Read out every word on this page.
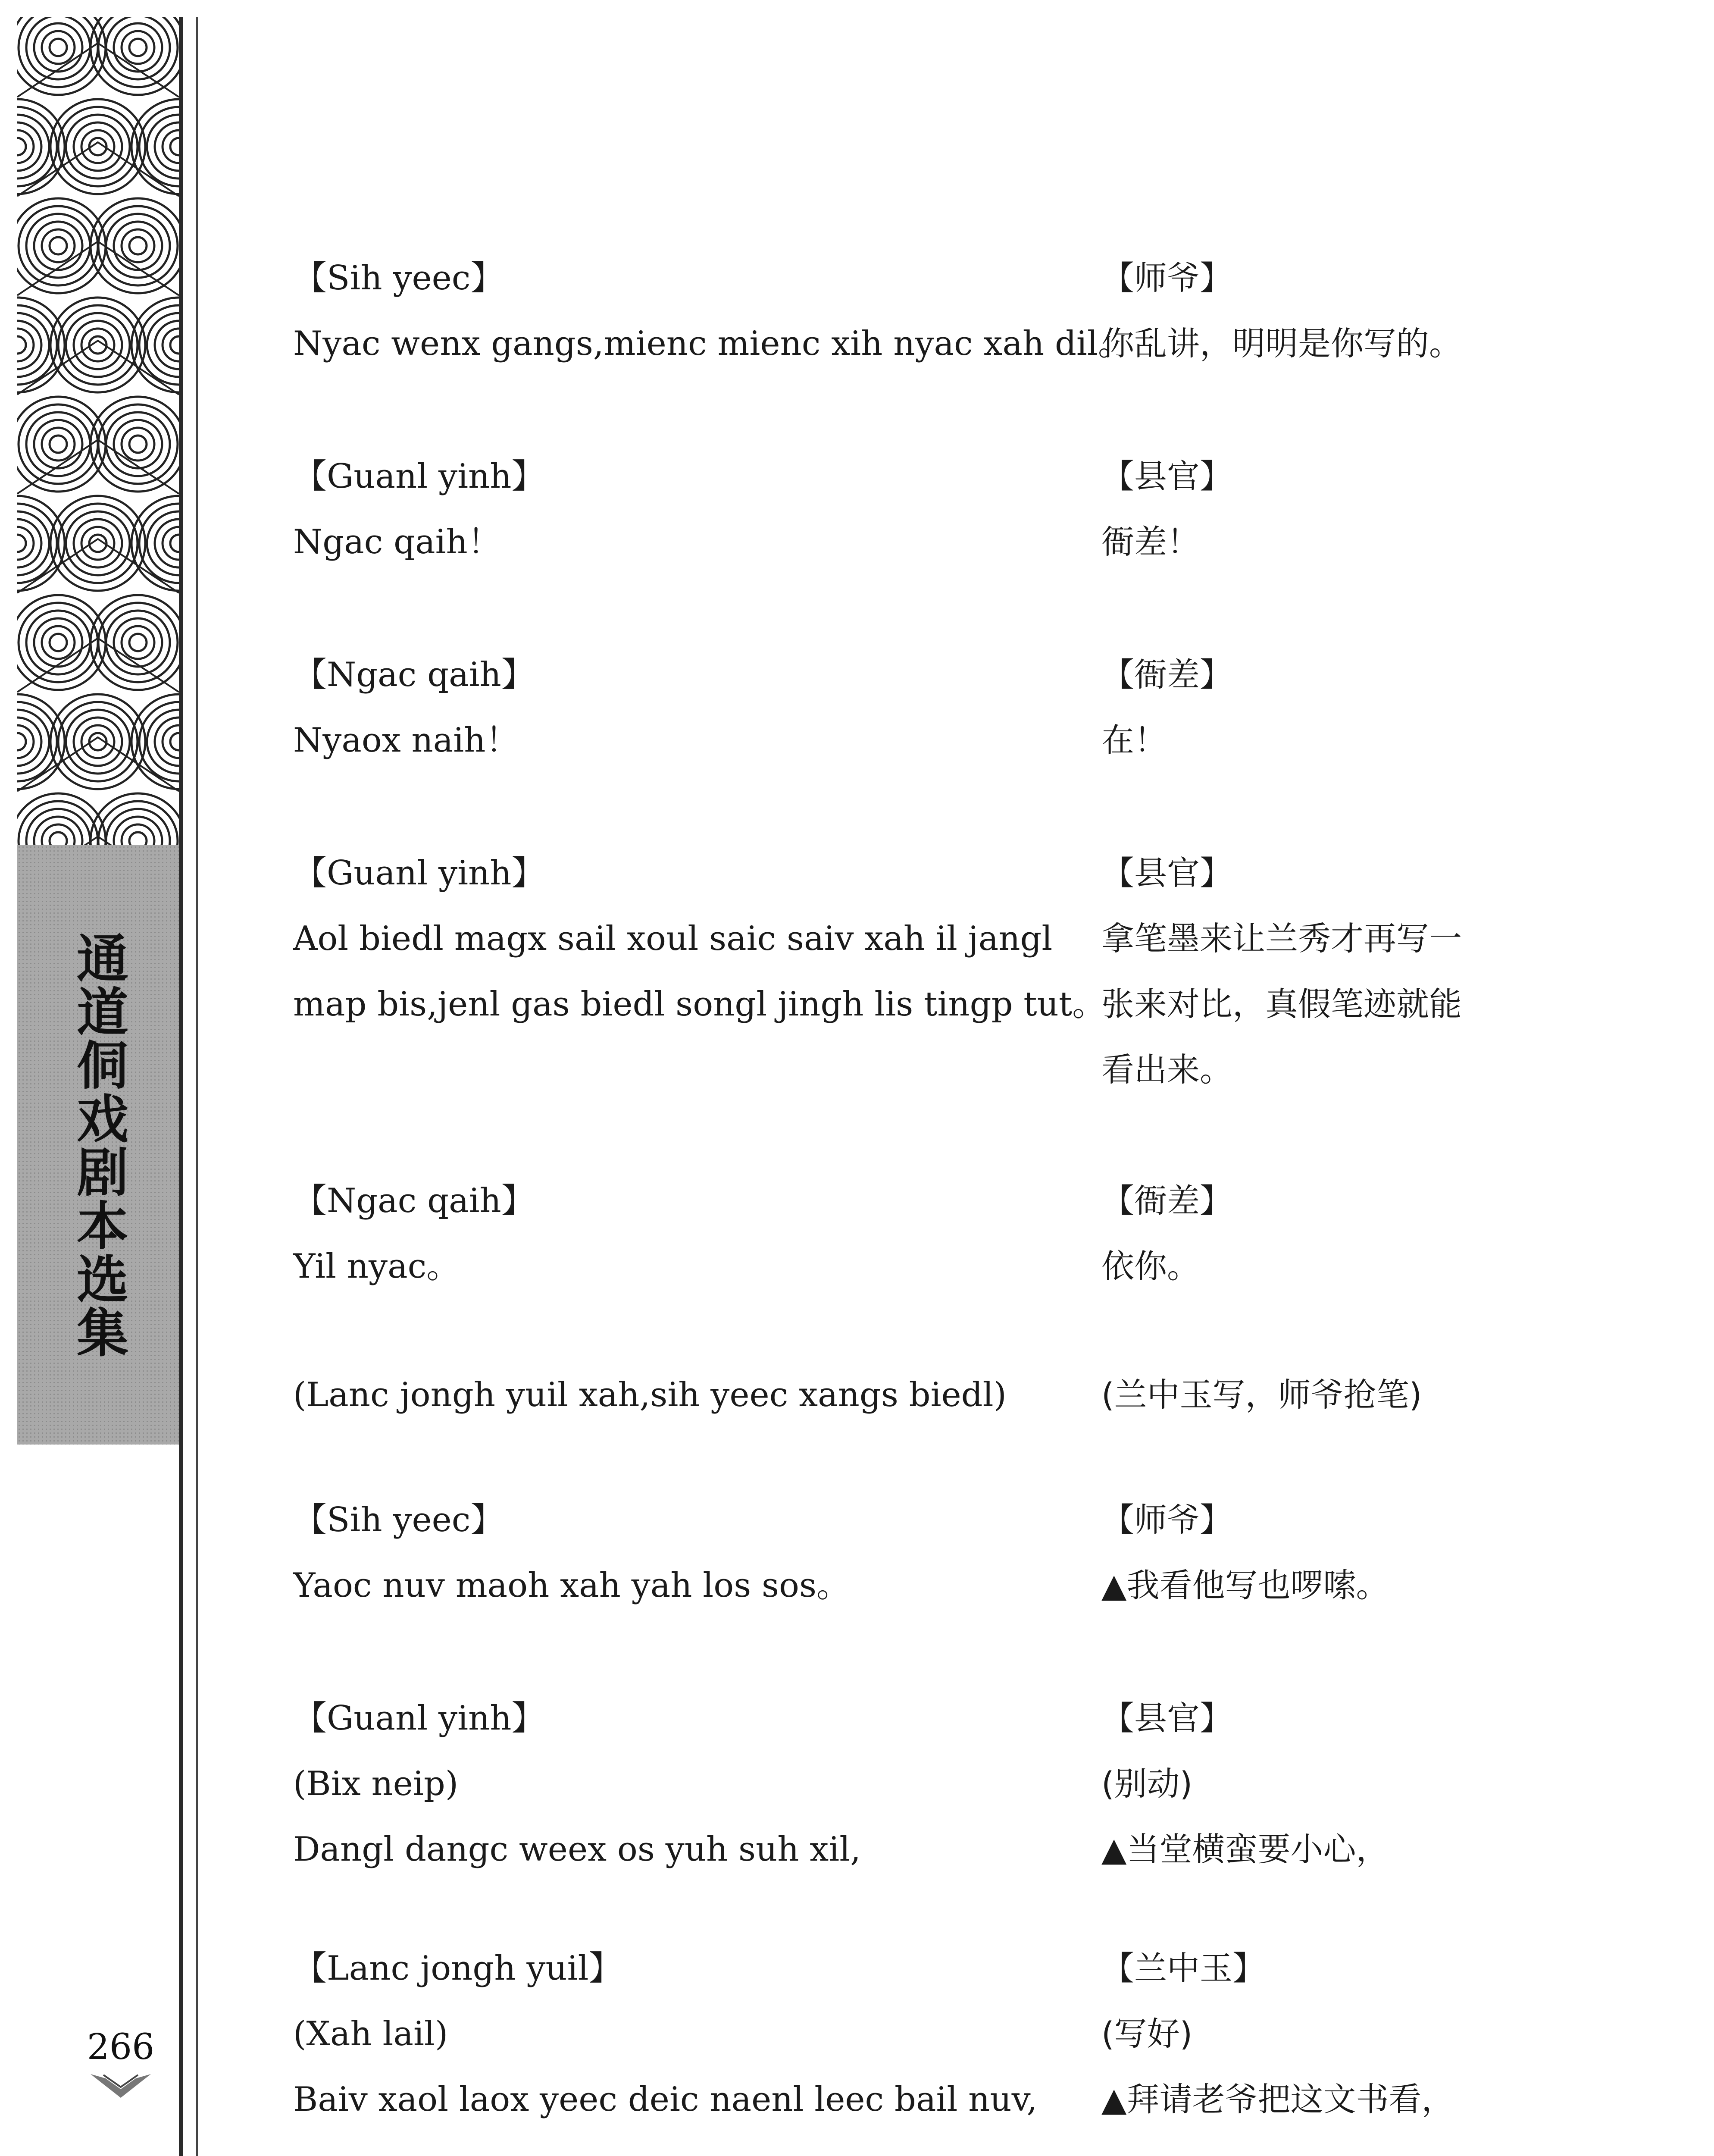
通道侗戏剧本选集
266
【Sih yeec】
Nyac wenx gangs,mienc mienc xih nyac xah dil。
【Guanl yinh】
Ngac qaih！
【Ngac qaih】
Nyaox naih！
【Guanl yinh】
Aol biedl magx sail xoul saic saiv xah il jangl
map bis,jenl gas biedl songl jingh lis tingp tut。
【Ngac qaih】
Yil nyac。
(Lanc jongh yuil xah,sih yeec xangs biedl)
【Sih yeec】
Yaoc nuv maoh xah yah los sos。
【Guanl yinh】
(Bix neip)
Dangl dangc weex os yuh suh xil,
【Lanc jongh yuil】
(Xah lail)
Baiv xaol laox yeec deic naenl leec bail nuv,
【师爷】
你乱讲，明明是你写的。
【县官】
衙差！
【衙差】
在！
【县官】
拿笔墨来让兰秀才再写一
张来对比，真假笔迹就能
看出来。
【衙差】
依你。
(兰中玉写，师爷抢笔)
【师爷】
▲我看他写也啰嗦。
【县官】
(别动)
▲当堂横蛮要小心，
【兰中玉】
(写好)
▲拜请老爷把这文书看，
